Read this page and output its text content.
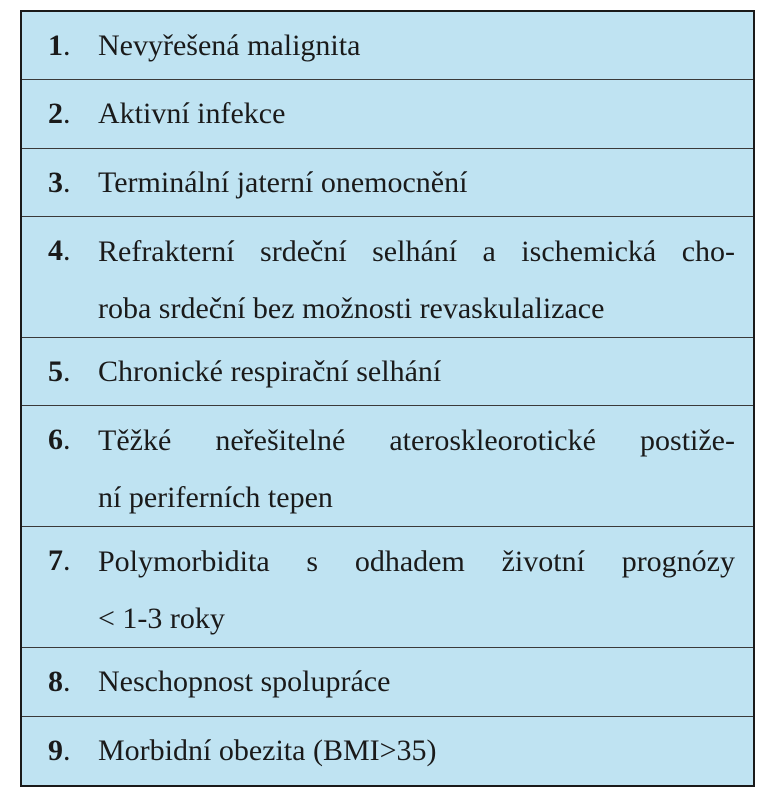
1. Nevyřešená malignita
2. Aktivní infekce
3. Terminální jaterní onemocnění
4. Refrakterní srdeční selhání a ischemická cho-
roba srdeční bez možnosti revaskulalizace
5. Chronické respirační selhání
6. Těžké neřešitelné ateroskleorotické postiže-
ní periferních tepen
7. Polymorbidita s odhadem životní prognózy
< 1-3 roky
8. Neschopnost spolupráce
9. Morbidní obezita (BMI>35)
